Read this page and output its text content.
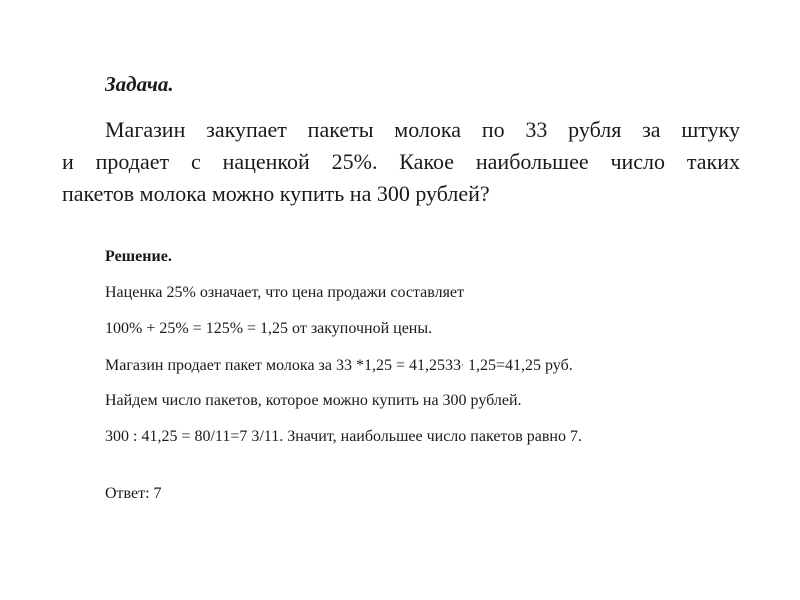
Задача.
Магазин закупает пакеты молока по 33 рубля за штуку
и продает с наценкой 25%. Какое наибольшее число таких
пакетов молока можно купить на 300 рублей?
Решение.
Наценка 25% означает, что цена продажи составляет
100% + 25% = 125% = 1,25 от закупочной цены.
Магазин продает пакет молока за 33 *1,25 = 41,2533· 1,25=41,25 руб.
Найдем число пакетов, которое можно купить на 300 рублей.
300 : 41,25 = 80/11=7 3/11. Значит, наибольшее число пакетов равно 7.
Ответ: 7
